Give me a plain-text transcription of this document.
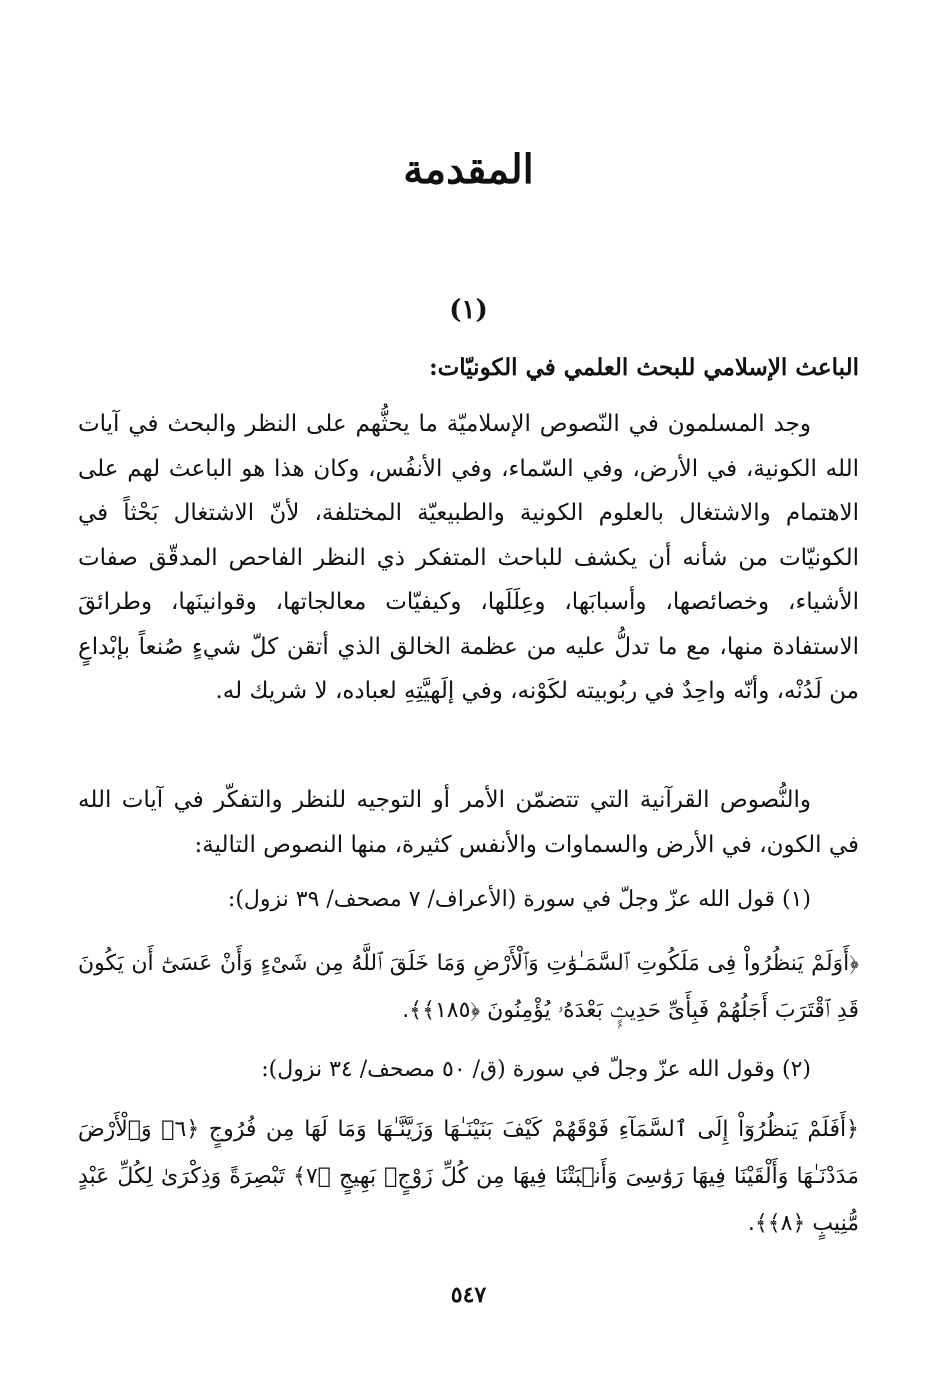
المقدمة
(١)
الباعث الإسلامي للبحث العلمي في الكونيّات:

وجد المسلمون في النّصوص الإسلاميّة ما يحثُّهم على النظر والبحث في آيات الله الكونية، في الأرض، وفي السّماء، وفي الأنفُس، وكان هذا هو الباعث لهم على الاهتمام والاشتغال بالعلوم الكونية والطبيعيّة المختلفة، لأنّ الاشتغال بَحْثاً في الكونيّات من شأنه أن يكشف للباحث المتفكر ذي النظر الفاحص المدقّق صفات الأشياء، وخصائصها، وأسبابَها، وعِلَلَها، وكيفيّات معالجاتها، وقوانينَها، وطرائقَ الاستفادة منها، مع ما تدلُّ عليه من عظمة الخالق الذي أتقن كلّ شيءٍ صُنعاً بإبْداعٍ من لَدُنْه، وأنّه واحِدٌ في ربُوبيته لكَوْنه، وفي إلَهيَّتِهِ لعباده، لا شريك له.

والنُّصوص القرآنية التي تتضمّن الأمر أو التوجيه للنظر والتفكّر في آيات الله في الكون، في الأرض والسماوات والأنفس كثيرة، منها النصوص التالية:

(١) قول الله عزّ وجلّ في سورة (الأعراف/ ٧ مصحف/ ٣٩ نزول):

﴿أَوَلَمْ يَنظُرُواْ فِى مَلَكُوتِ ٱلسَّمَـٰوَٰتِ وَٱلْأَرْضِ وَمَا خَلَقَ ٱللَّهُ مِن شَىْءٍ وَأَنْ عَسَىٰٓ أَن يَكُونَ قَدِ ٱقْتَرَبَ أَجَلُهُمْ فَبِأَىِّ حَدِيثٍۭ بَعْدَهُۥ يُؤْمِنُونَ ﴿١٨٥﴾﴾.

(٢) وقول الله عزّ وجلّ في سورة (ق/ ٥٠ مصحف/ ٣٤ نزول):

﴿أَفَلَمْ يَنظُرُوٓاْ إِلَى ٱلسَّمَآءِ فَوْقَهُمْ كَيْفَ بَنَيْنَـٰهَا وَزَيَّنَّـٰهَا وَمَا لَهَا مِن فُرُوجٍ ﴿٦﴾ وَٱلْأَرْضَ مَدَدْنَـٰهَا وَأَلْقَيْنَا فِيهَا رَوَٰسِىَ وَأَنۢبَتْنَا فِيهَا مِن كُلِّ زَوْجٍۭ بَهِيجٍ ﴿٧﴾ تَبْصِرَةً وَذِكْرَىٰ لِكُلِّ عَبْدٍ مُّنِيبٍ ﴿٨﴾﴾.

٥٤٧
